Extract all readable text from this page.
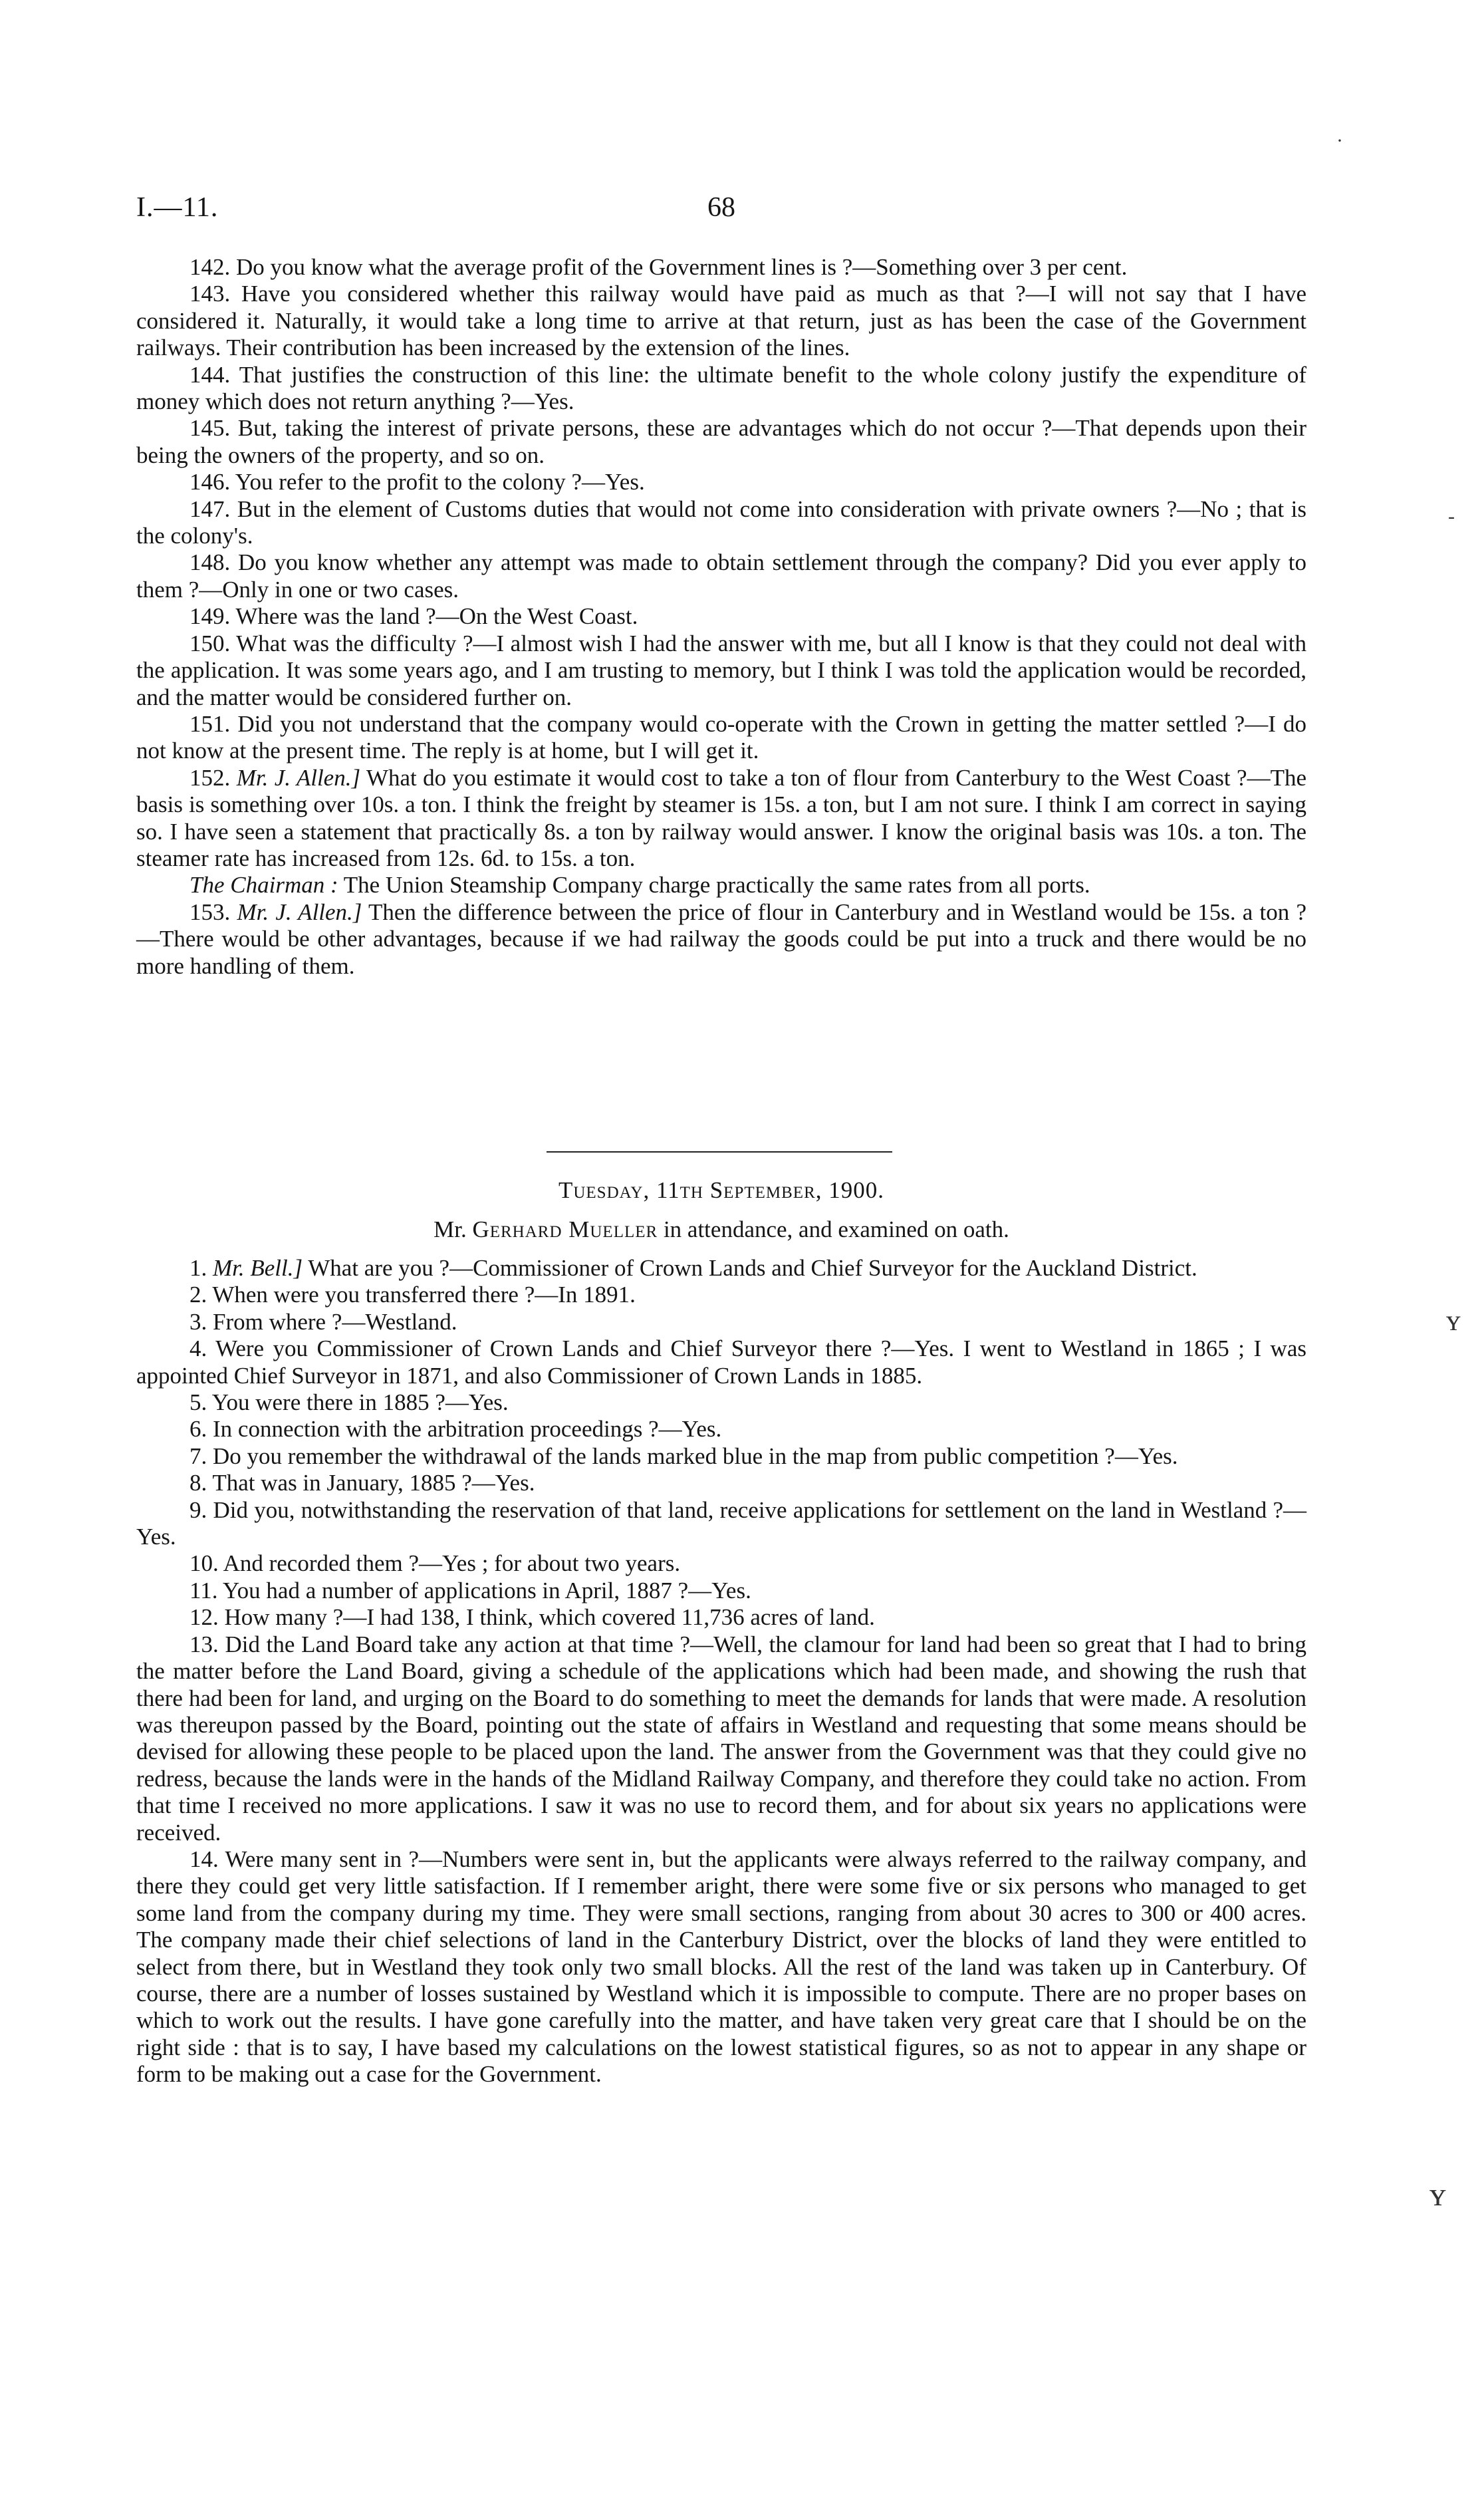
I.—11.	68

142. Do you know what the average profit of the Government lines is ?—Something over 3 per cent.

143. Have you considered whether this railway would have paid as much as that ?—I will not say that I have considered it. Naturally, it would take a long time to arrive at that return, just as has been the case of the Government railways. Their contribution has been increased by the extension of the lines.

144. That justifies the construction of this line: the ultimate benefit to the whole colony justify the expenditure of money which does not return anything ?—Yes.

145. But, taking the interest of private persons, these are advantages which do not occur ?—That depends upon their being the owners of the property, and so on.

146. You refer to the profit to the colony ?—Yes.

147. But in the element of Customs duties that would not come into consideration with private owners ?—No ; that is the colony's.

148. Do you know whether any attempt was made to obtain settlement through the company? Did you ever apply to them ?—Only in one or two cases.

149. Where was the land ?—On the West Coast.

150. What was the difficulty ?—I almost wish I had the answer with me, but all I know is that they could not deal with the application. It was some years ago, and I am trusting to memory, but I think I was told the application would be recorded, and the matter would be considered further on.

151. Did you not understand that the company would co-operate with the Crown in getting the matter settled ?—I do not know at the present time. The reply is at home, but I will get it.

152. Mr. J. Allen.] What do you estimate it would cost to take a ton of flour from Canterbury to the West Coast ?—The basis is something over 10s. a ton. I think the freight by steamer is 15s. a ton, but I am not sure. I think I am correct in saying so. I have seen a statement that practically 8s. a ton by railway would answer. I know the original basis was 10s. a ton. The steamer rate has increased from 12s. 6d. to 15s. a ton.

The Chairman : The Union Steamship Company charge practically the same rates from all ports.

153. Mr. J. Allen.] Then the difference between the price of flour in Canterbury and in Westland would be 15s. a ton ?—There would be other advantages, because if we had railway the goods could be put into a truck and there would be no more handling of them.

Tuesday, 11th September, 1900.
Mr. Gerhard Mueller in attendance, and examined on oath.

1. Mr. Bell.] What are you ?—Commissioner of Crown Lands and Chief Surveyor for the Auckland District.

2. When were you transferred there ?—In 1891.

3. From where ?—Westland.

4. Were you Commissioner of Crown Lands and Chief Surveyor there ?—Yes. I went to Westland in 1865 ; I was appointed Chief Surveyor in 1871, and also Commissioner of Crown Lands in 1885.

5. You were there in 1885 ?—Yes.

6. In connection with the arbitration proceedings ?—Yes.

7. Do you remember the withdrawal of the lands marked blue in the map from public competition ?—Yes.

8. That was in January, 1885 ?—Yes.

9. Did you, notwithstanding the reservation of that land, receive applications for settlement on the land in Westland ?—Yes.

10. And recorded them ?—Yes ; for about two years.

11. You had a number of applications in April, 1887 ?—Yes.

12. How many ?—I had 138, I think, which covered 11,736 acres of land.

13. Did the Land Board take any action at that time ?—Well, the clamour for land had been so great that I had to bring the matter before the Land Board, giving a schedule of the applications which had been made, and showing the rush that there had been for land, and urging on the Board to do something to meet the demands for lands that were made. A resolution was thereupon passed by the Board, pointing out the state of affairs in Westland and requesting that some means should be devised for allowing these people to be placed upon the land. The answer from the Government was that they could give no redress, because the lands were in the hands of the Midland Railway Company, and therefore they could take no action. From that time I received no more applications. I saw it was no use to record them, and for about six years no applications were received.

14. Were many sent in ?—Numbers were sent in, but the applicants were always referred to the railway company, and there they could get very little satisfaction. If I remember aright, there were some five or six persons who managed to get some land from the company during my time. They were small sections, ranging from about 30 acres to 300 or 400 acres. The company made their chief selections of land in the Canterbury District, over the blocks of land they were entitled to select from there, but in Westland they took only two small blocks. All the rest of the land was taken up in Canterbury. Of course, there are a number of losses sustained by Westland which it is impossible to compute. There are no proper bases on which to work out the results. I have gone carefully into the matter, and have taken very great care that I should be on the right side : that is to say, I have based my calculations on the lowest statistical figures, so as not to appear in any shape or form to be making out a case for the Government.

·
-
ʏ
ʏ
